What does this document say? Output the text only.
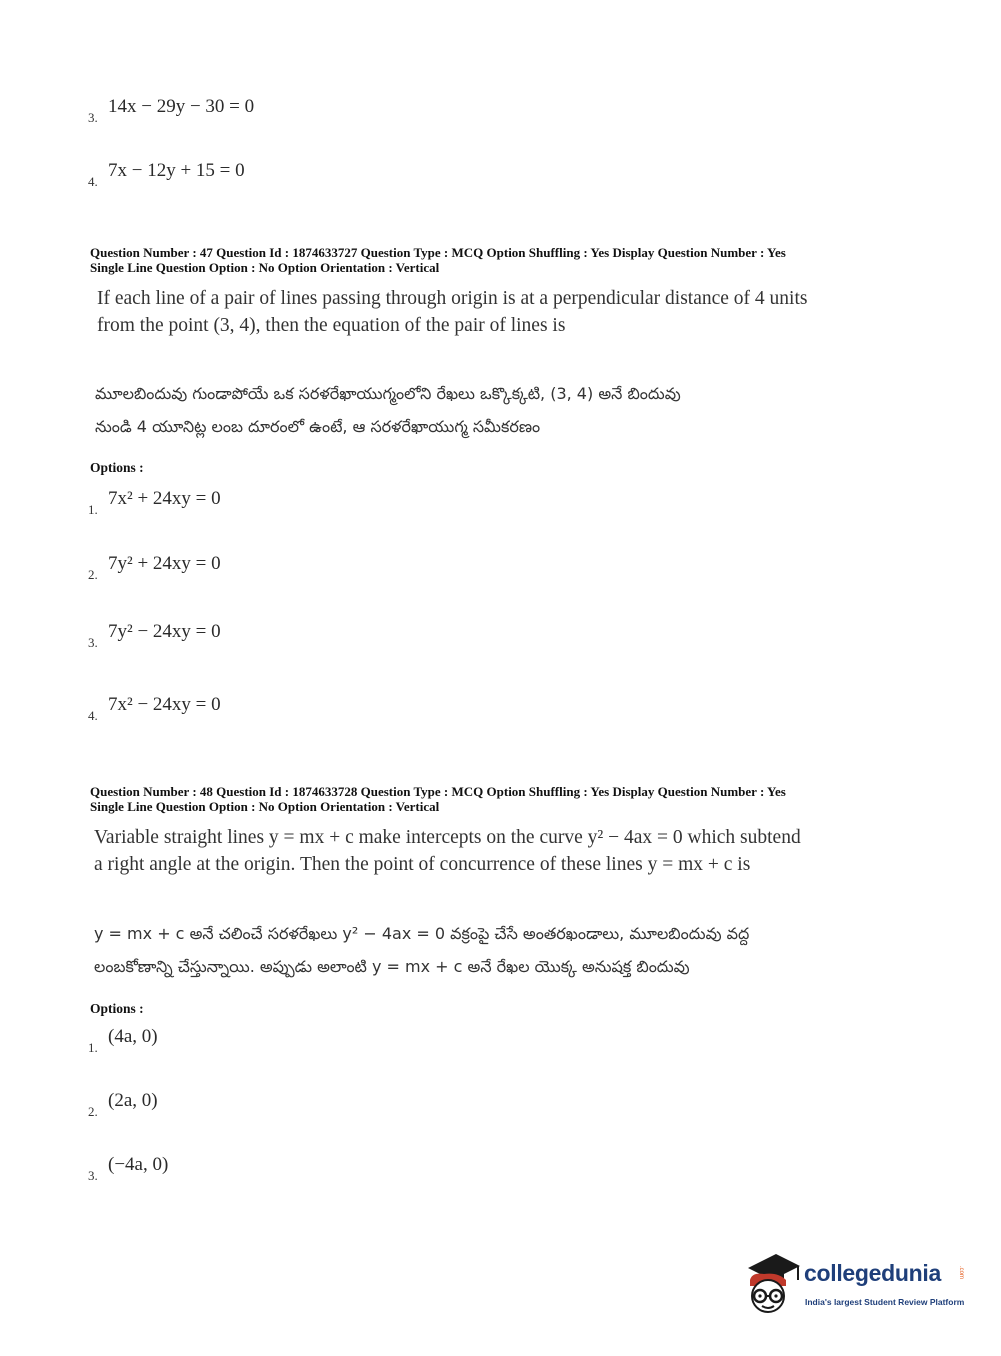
3.
14x − 29y − 30 = 0
4.
7x − 12y + 15 = 0
Question Number : 47 Question Id : 1874633727 Question Type : MCQ Option Shuffling : Yes Display Question Number : Yes
Single Line Question Option : No Option Orientation : Vertical
If each line of a pair of lines passing through origin is at a perpendicular distance of 4 units
from the point (3, 4), then the equation of the pair of lines is
మూలబిందువు గుండాపోయే ఒక సరళరేఖాయుగ్మంలోని రేఖలు ఒక్కొక్కటి, (3, 4) అనే బిందువు
నుండి 4 యూనిట్ల లంబ దూరంలో ఉంటే, ఆ సరళరేఖాయుగ్మ సమీకరణం
Options :
1.
7x² + 24xy = 0
2.
7y² + 24xy = 0
3.
7y² − 24xy = 0
4.
7x² − 24xy = 0
Question Number : 48 Question Id : 1874633728 Question Type : MCQ Option Shuffling : Yes Display Question Number : Yes
Single Line Question Option : No Option Orientation : Vertical
Variable straight lines y = mx + c make intercepts on the curve y² − 4ax = 0 which subtend
a right angle at the origin. Then the point of concurrence of these lines y = mx + c is
y = mx + c అనే చలించే సరళరేఖలు y² − 4ax = 0 వక్రంపై చేసే అంతరఖండాలు, మూలబిందువు వద్ద
లంబకోణాన్ని చేస్తున్నాయి. అప్పుడు అలాంటి y = mx + c అనే రేఖల యొక్క అనుషక్త బిందువు
Options :
1.
(4a, 0)
2.
(2a, 0)
3.
(−4a, 0)
collegedunia	.com
India's largest Student Review Platform
